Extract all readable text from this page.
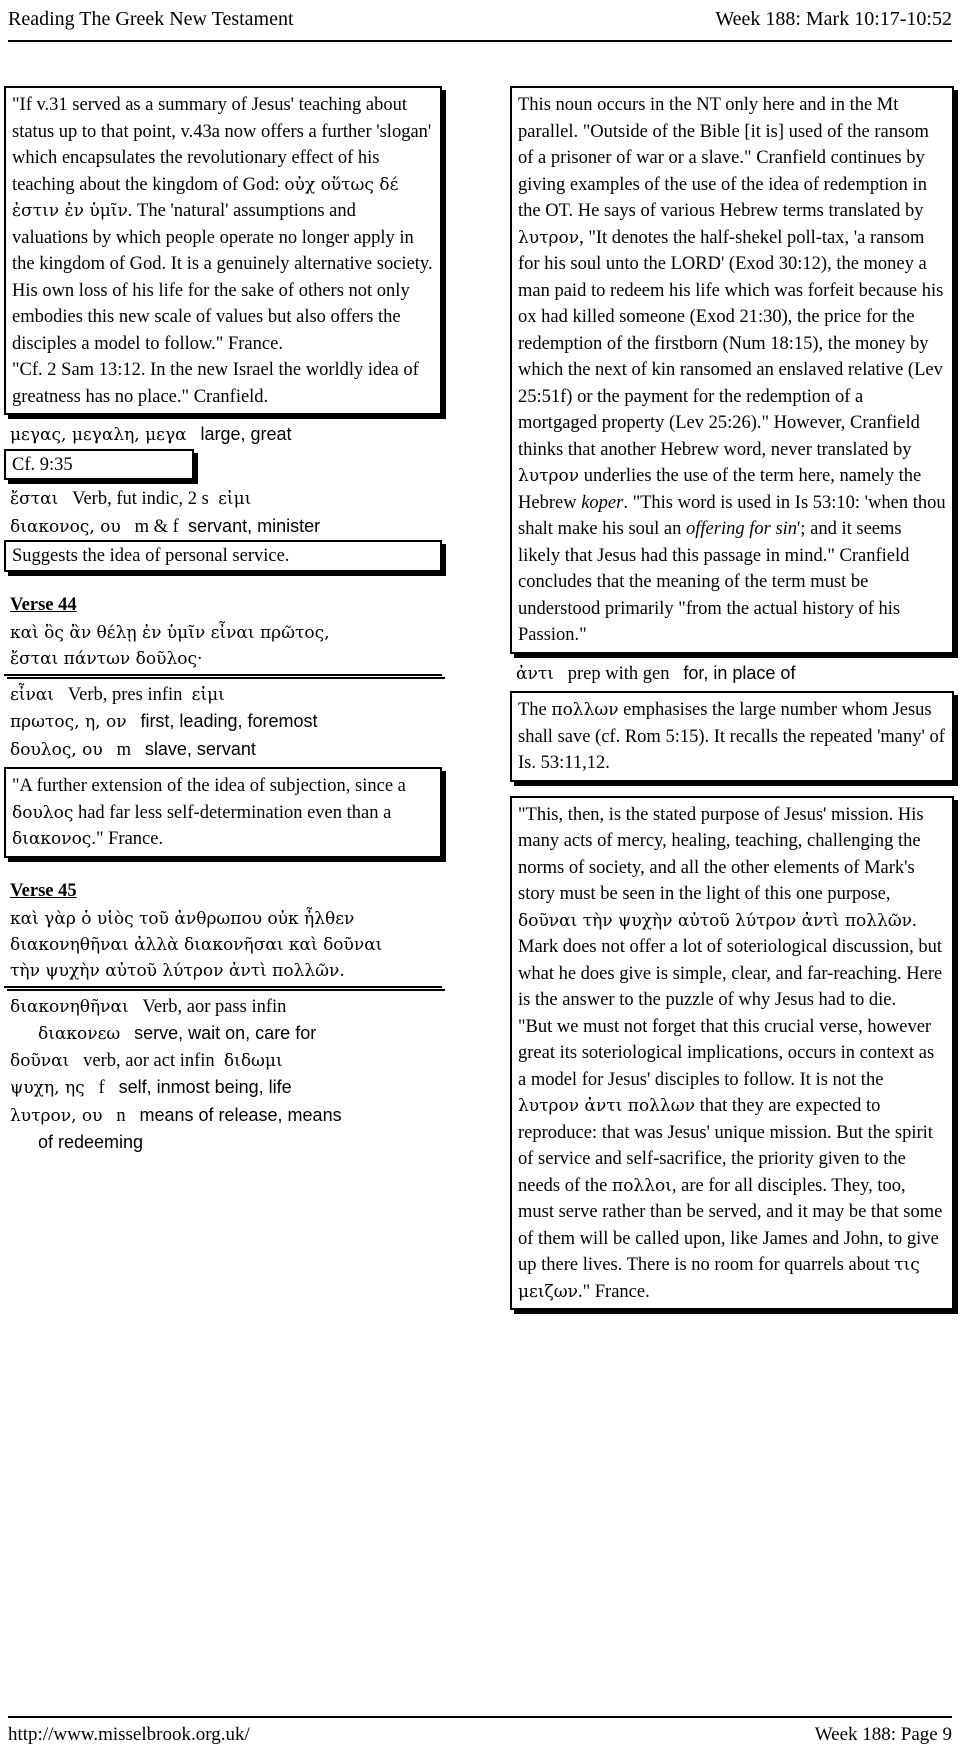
Reading The Greek New Testament	Week 188: Mark 10:17-10:52

"If v.31 served as a summary of Jesus' teaching about status up to that point, v.43a now offers a further 'slogan' which encapsulates the revolutionary effect of his teaching about the kingdom of God: οὐχ οὕτως δέ ἐστιν ἐν ὑμῖν. The 'natural' assumptions and valuations by which people operate no longer apply in the kingdom of God. It is a genuinely alternative society. His own loss of his life for the sake of others not only embodies this new scale of values but also offers the disciples a model to follow." France.

"Cf. 2 Sam 13:12. In the new Israel the worldly idea of greatness has no place." Cranfield.

μεγας, μεγαλη, μεγα large, great

Cf. 9:35

ἔσται Verb, fut indic, 2 s εἰμι

διακονος, ου m & f servant, minister

Suggests the idea of personal service.

Verse 44

καὶ ὃς ἂν θέλῃ ἐν ὑμῖν εἶναι πρῶτος,

ἔσται πάντων δοῦλος·

εἶναι Verb, pres infin εἰμι

πρωτος, η, ον first, leading, foremost

δουλος, ου m slave, servant

"A further extension of the idea of subjection, since a δουλος had far less self-determination even than a διακονος." France.

Verse 45

καὶ γὰρ ὁ υἱὸς τοῦ ἀνθρωπου οὐκ ἦλθεν

διακονηθῆναι ἀλλὰ διακονῆσαι καὶ δοῦναι

τὴν ψυχὴν αὐτοῦ λύτρον ἀντὶ πολλῶν.

διακονηθῆναι Verb, aor pass infin

διακονεω serve, wait on, care for

δοῦναι verb, aor act infin διδωμι

ψυχη, ης f self, inmost being, life

λυτρον, ου n means of release, means

of redeeming

This noun occurs in the NT only here and in the Mt parallel. "Outside of the Bible [it is] used of the ransom of a prisoner of war or a slave." Cranfield continues by giving examples of the use of the idea of redemption in the OT. He says of various Hebrew terms translated by λυτρον, "It denotes the half-shekel poll-tax, 'a ransom for his soul unto the LORD' (Exod 30:12), the money a man paid to redeem his life which was forfeit because his ox had killed someone (Exod 21:30), the price for the redemption of the firstborn (Num 18:15), the money by which the next of kin ransomed an enslaved relative (Lev 25:51f) or the payment for the redemption of a mortgaged property (Lev 25:26)." However, Cranfield thinks that another Hebrew word, never translated by λυτρον underlies the use of the term here, namely the Hebrew koper. "This word is used in Is 53:10: 'when thou shalt make his soul an offering for sin'; and it seems likely that Jesus had this passage in mind." Cranfield concludes that the meaning of the term must be understood primarily "from the actual history of his Passion."

ἀντι prep with gen for, in place of

The πολλων emphasises the large number whom Jesus shall save (cf. Rom 5:15). It recalls the repeated 'many' of Is. 53:11,12.

"This, then, is the stated purpose of Jesus' mission. His many acts of mercy, healing, teaching, challenging the norms of society, and all the other elements of Mark's story must be seen in the light of this one purpose, δοῦναι τὴν ψυχὴν αὐτοῦ λύτρον ἀντὶ πολλῶν. Mark does not offer a lot of soteriological discussion, but what he does give is simple, clear, and far-reaching. Here is the answer to the puzzle of why Jesus had to die.

"But we must not forget that this crucial verse, however great its soteriological implications, occurs in context as a model for Jesus' disciples to follow. It is not the λυτρον ἀντι πολλων that they are expected to reproduce: that was Jesus' unique mission. But the spirit of service and self-sacrifice, the priority given to the needs of the πολλοι, are for all disciples. They, too, must serve rather than be served, and it may be that some of them will be called upon, like James and John, to give up there lives. There is no room for quarrels about τις μειζων." France.

http://www.misselbrook.org.uk/	Week 188: Page 9
